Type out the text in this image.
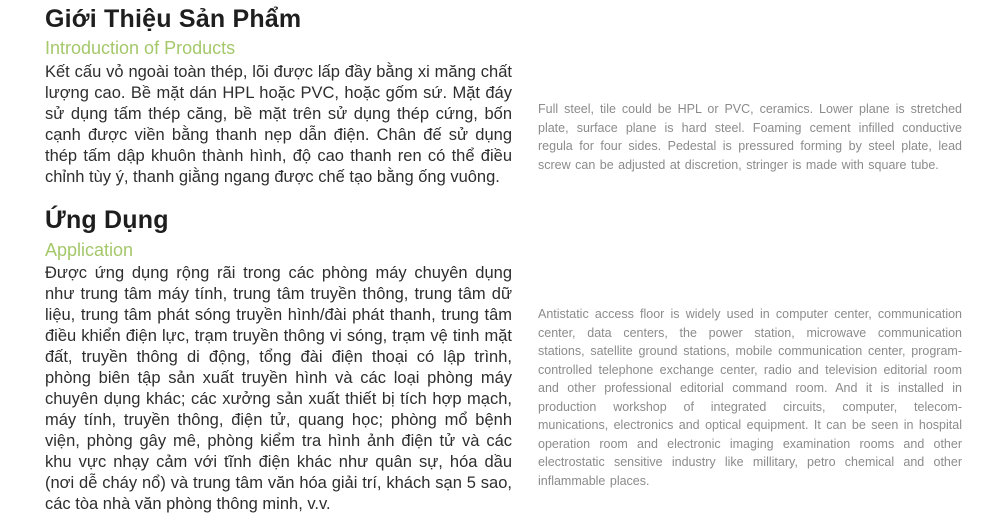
Giới Thiệu Sản Phẩm
Introduction of Products
Kết cấu vỏ ngoài toàn thép, lõi được lấp đầy bằng xi măng chất lượng cao. Bề mặt dán HPL hoặc PVC, hoặc gốm sứ. Mặt đáy sử dụng tấm thép căng, bề mặt trên sử dụng thép cứng, bốn cạnh được viền bằng thanh nẹp dẫn điện. Chân đế sử dụng thép tấm dập khuôn thành hình, độ cao thanh ren có thể điều chỉnh tùy ý, thanh giằng ngang được chế tạo bằng ống vuông.
Full steel, tile could be HPL or PVC, ceramics. Lower plane is stretched plate, surface plane is hard steel. Foaming cement infilled conductive regula for four sides. Pedestal is pressured forming by steel plate, lead screw can be adjusted at discretion, stringer is made with square tube.
Ứng Dụng
Application
Được ứng dụng rộng rãi trong các phòng máy chuyên dụng như trung tâm máy tính, trung tâm truyền thông, trung tâm dữ liệu, trung tâm phát sóng truyền hình/đài phát thanh, trung tâm điều khiển điện lực, trạm truyền thông vi sóng, trạm vệ tinh mặt đất, truyền thông di động, tổng đài điện thoại có lập trình, phòng biên tập sản xuất truyền hình và các loại phòng máy chuyên dụng khác; các xưởng sản xuất thiết bị tích hợp mạch, máy tính, truyền thông, điện tử, quang học; phòng mổ bệnh viện, phòng gây mê, phòng kiểm tra hình ảnh điện tử và các khu vực nhạy cảm với tĩnh điện khác như quân sự, hóa dầu (nơi dễ cháy nổ) và trung tâm văn hóa giải trí, khách sạn 5 sao, các tòa nhà văn phòng thông minh, v.v.
Antistatic access floor is widely used in computer center, communication center, data centers, the power station, microwave communication stations, satellite ground stations, mobile communication center, program- controlled telephone exchange center, radio and television editorial room and other professional editorial command room. And it is installed in production workshop of integrated circuits, computer, telecom- munications, electronics and optical equipment. It can be seen in hospital operation room and electronic imaging examination rooms and other electrostatic sensitive industry like millitary, petro chemical and other inflammable places.
